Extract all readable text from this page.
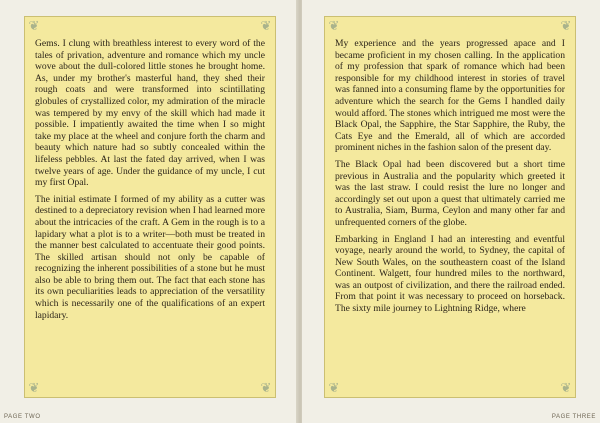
❦	❦
❦	❦

Gems. I clung with breathless interest to every word of the tales of privation, adventure and romance which my uncle wove about the dull-colored little stones he brought home. As, under my brother's masterful hand, they shed their rough coats and were transformed into scintillating globules of crystallized color, my admiration of the miracle was tempered by my envy of the skill which had made it possible. I impatiently awaited the time when I so might take my place at the wheel and conjure forth the charm and beauty which nature had so subtly concealed within the lifeless pebbles. At last the fated day arrived, when I was twelve years of age. Under the guidance of my uncle, I cut my first Opal.

The initial estimate I formed of my ability as a cutter was destined to a depreciatory revision when I had learned more about the intricacies of the craft. A Gem in the rough is to a lapidary what a plot is to a writer—both must be treated in the manner best calculated to accentuate their good points. The skilled artisan should not only be capable of recognizing the inherent possibilities of a stone but he must also be able to bring them out. The fact that each stone has its own peculiarities leads to appreciation of the versatility which is necessarily one of the qualifications of an expert lapidary.

PAGE TWO
❦	❦
❦	❦

My experience and the years progressed apace and I became proficient in my chosen calling. In the application of my profession that spark of romance which had been responsible for my childhood interest in stories of travel was fanned into a consuming flame by the opportunities for adventure which the search for the Gems I handled daily would afford. The stones which intrigued me most were the Black Opal, the Sapphire, the Star Sapphire, the Ruby, the Cats Eye and the Emerald, all of which are accorded prominent niches in the fashion salon of the present day.

The Black Opal had been discovered but a short time previous in Australia and the popularity which greeted it was the last straw. I could resist the lure no longer and accordingly set out upon a quest that ultimately carried me to Australia, Siam, Burma, Ceylon and many other far and unfrequented corners of the globe.

Embarking in England I had an interesting and eventful voyage, nearly around the world, to Sydney, the capital of New South Wales, on the southeastern coast of the Island Continent. Walgett, four hundred miles to the northward, was an outpost of civilization, and there the railroad ended. From that point it was necessary to proceed on horseback. The sixty mile journey to Lightning Ridge, where

PAGE THREE
